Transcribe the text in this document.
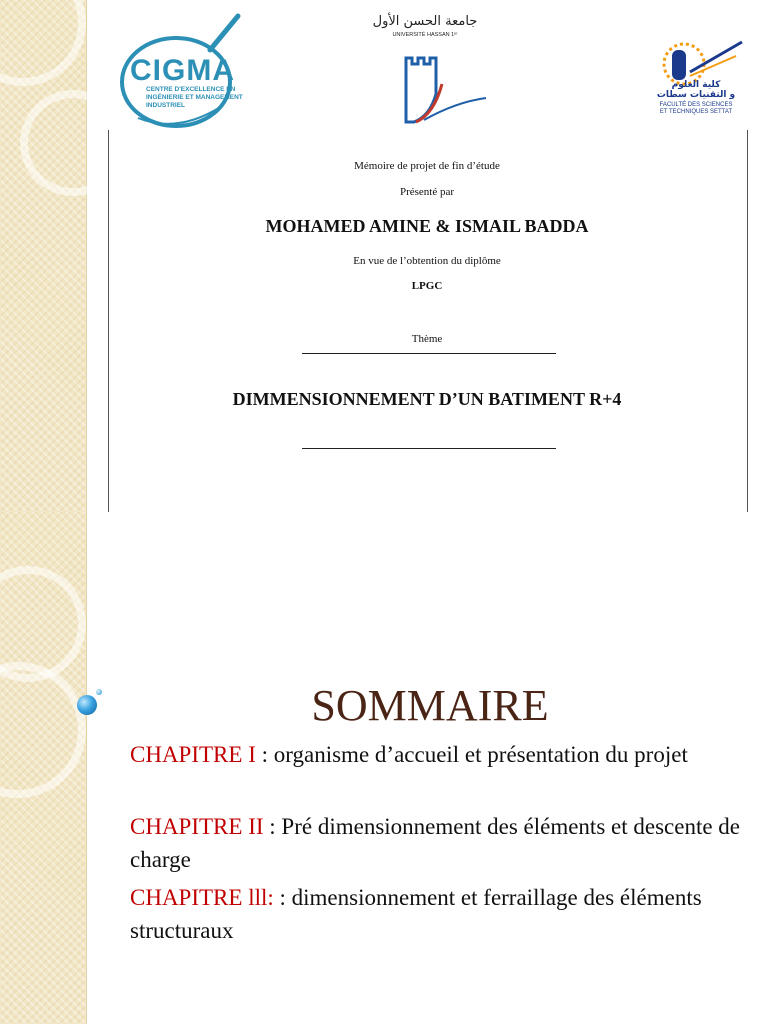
CIGMA
CENTRE D'EXCELLENCE EN
INGÉNIERIE ET MANAGEMENT
INDUSTRIEL
جامعة الحسن الأول
UNIVERSITÉ HASSAN 1ᵉʳ
كلية العلوم
و التقنيات سطات
FACULTÉ DES SCIENCES
ET TECHNIQUES SETTAT
Mémoire de projet de fin d’étude
Présenté par
MOHAMED AMINE & ISMAIL BADDA
En vue de l’obtention du diplôme
LPGC
Thème
DIMMENSIONNEMENT D’UN BATIMENT R+4
SOMMAIRE
CHAPITRE I : organisme d’accueil et présentation du projet
CHAPITRE II : Pré dimensionnement des éléments et descente de charge
CHAPITRE lll: : dimensionnement et ferraillage des éléments structuraux
